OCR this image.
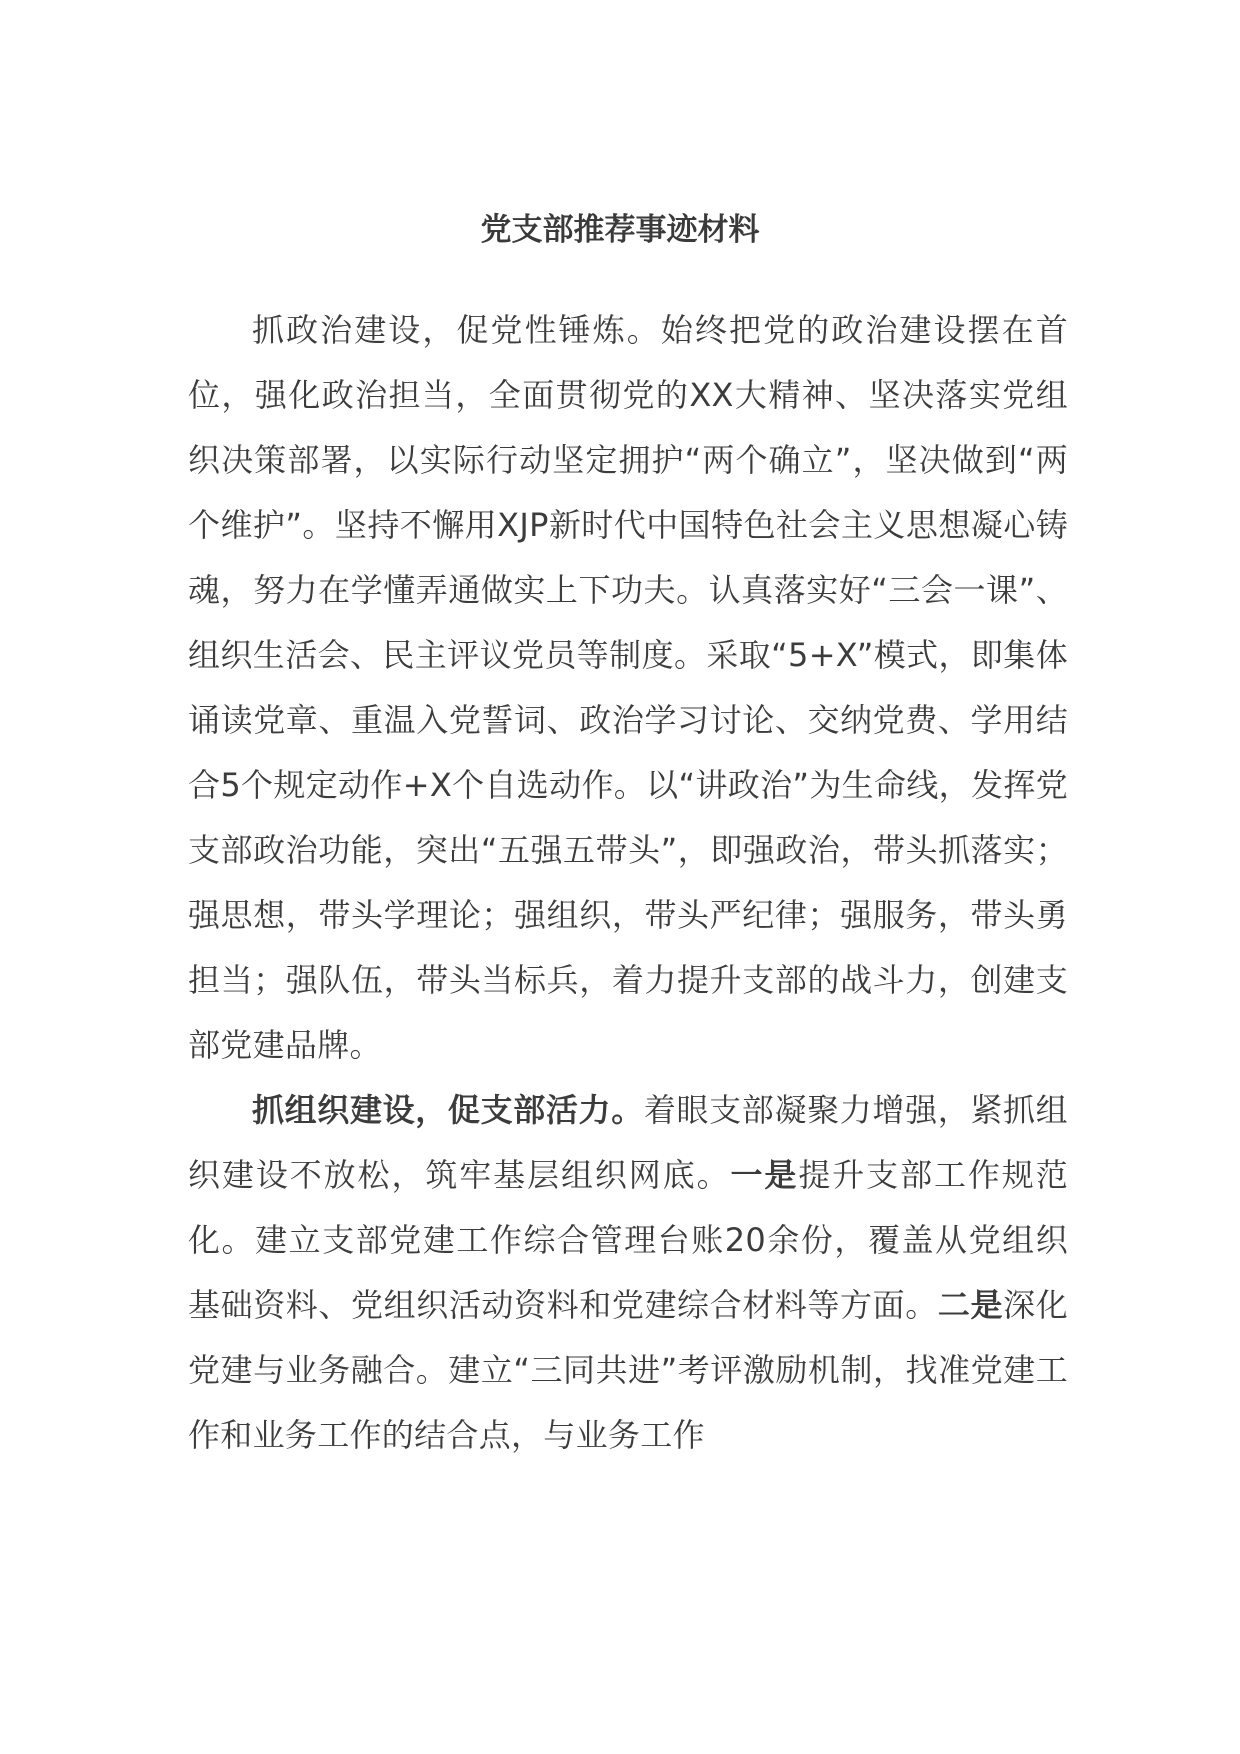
党支部推荐事迹材料

抓政治建设，促党性锤炼。始终把党的政治建设摆在首位，强化政治担当，全面贯彻党的XX大精神、坚决落实党组织决策部署，以实际行动坚定拥护“两个确立”，坚决做到“两个维护”。坚持不懈用XJP新时代中国特色社会主义思想凝心铸魂，努力在学懂弄通做实上下功夫。认真落实好“三会一课”、组织生活会、民主评议党员等制度。采取“5+X”模式，即集体诵读党章、重温入党誓词、政治学习讨论、交纳党费、学用结合5个规定动作+X个自选动作。以“讲政治”为生命线，发挥党支部政治功能，突出“五强五带头”，即强政治，带头抓落实；强思想，带头学理论；强组织，带头严纪律；强服务，带头勇担当；强队伍，带头当标兵，着力提升支部的战斗力，创建支部党建品牌。

抓组织建设，促支部活力。着眼支部凝聚力增强，紧抓组织建设不放松，筑牢基层组织网底。一是提升支部工作规范化。建立支部党建工作综合管理台账20余份，覆盖从党组织基础资料、党组织活动资料和党建综合材料等方面。二是深化党建与业务融合。建立“三同共进”考评激励机制，找准党建工作和业务工作的结合点，与业务工作
